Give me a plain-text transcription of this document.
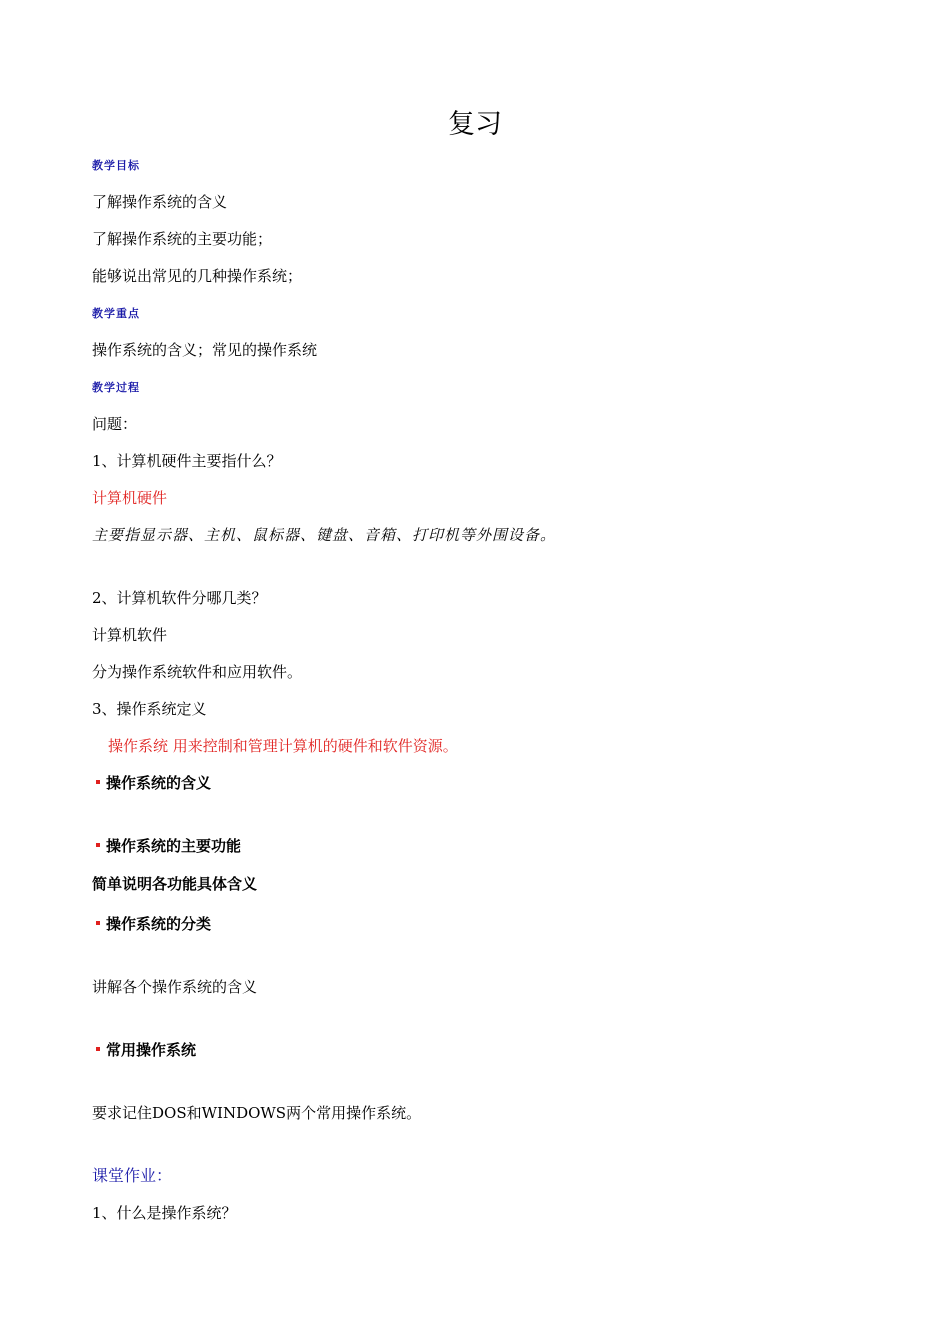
复习
教学目标
了解操作系统的含义
了解操作系统的主要功能；
能够说出常见的几种操作系统；
教学重点
操作系统的含义；常见的操作系统
教学过程
问题：
1、计算机硬件主要指什么？
计算机硬件
主要指显示器、主机、鼠标器、键盘、音箱、打印机等外围设备。
2、计算机软件分哪几类？
计算机软件
分为操作系统软件和应用软件。
3、操作系统定义
操作系统 用来控制和管理计算机的硬件和软件资源。
操作系统的含义
操作系统的主要功能
简单说明各功能具体含义
操作系统的分类
讲解各个操作系统的含义
常用操作系统
要求记住DOS和WINDOWS两个常用操作系统。
课堂作业：
1、什么是操作系统？
